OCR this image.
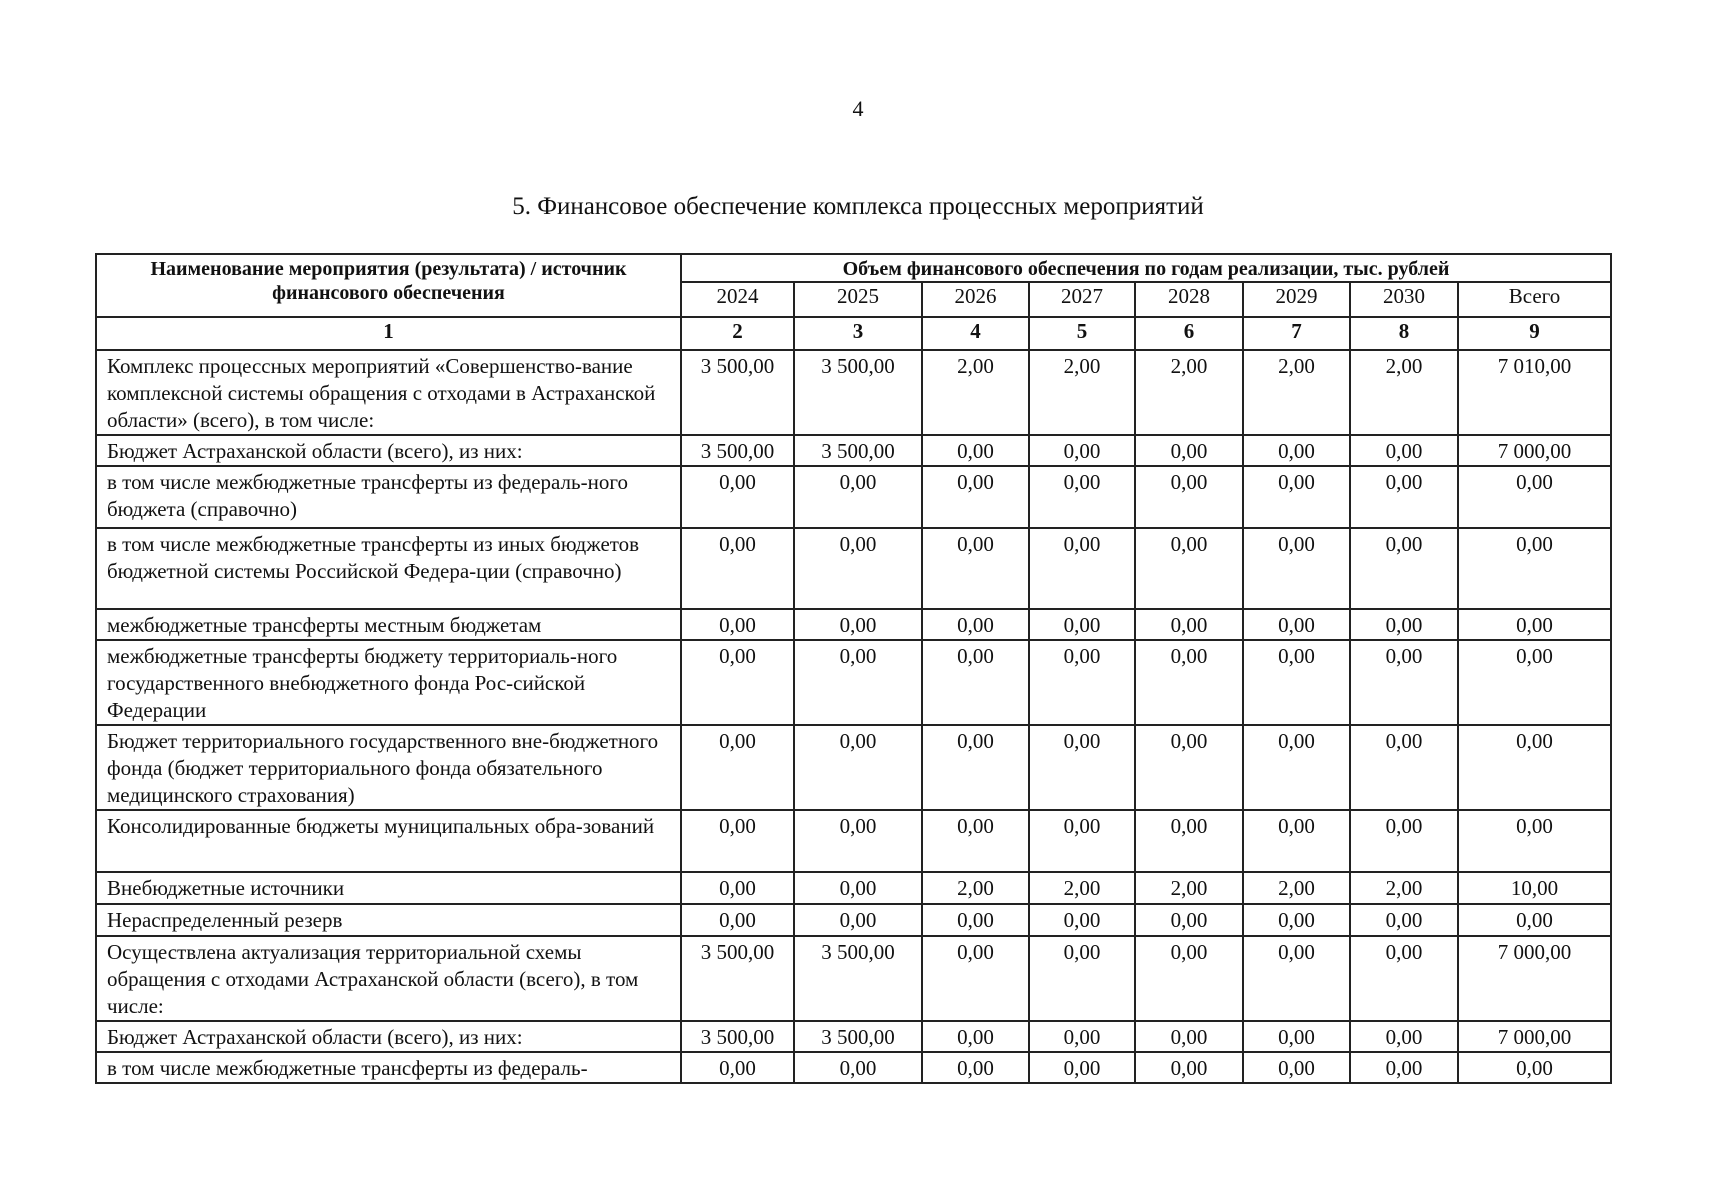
4
5. Финансовое обеспечение комплекса процессных мероприятий
Наименование мероприятия (результата) / источник финансового обеспечения	Объем финансового обеспечения по годам реализации, тыс. рублей							
	2024	2025	2026	2027	2028	2029	2030	Всего
1	2	3	4	5	6	7	8	9
Комплекс процессных мероприятий «Совершенство-вание комплексной системы обращения с отходами в Астраханской области» (всего), в том числе:	3 500,00	3 500,00	2,00	2,00	2,00	2,00	2,00	7 010,00
Бюджет Астраханской области (всего), из них:	3 500,00	3 500,00	0,00	0,00	0,00	0,00	0,00	7 000,00
в том числе межбюджетные трансферты из федераль-ного бюджета (справочно)	0,00	0,00	0,00	0,00	0,00	0,00	0,00	0,00
в том числе межбюджетные трансферты из иных бюджетов бюджетной системы Российской Федера-ции (справочно)	0,00	0,00	0,00	0,00	0,00	0,00	0,00	0,00
межбюджетные трансферты местным бюджетам	0,00	0,00	0,00	0,00	0,00	0,00	0,00	0,00
межбюджетные трансферты бюджету территориаль-ного государственного внебюджетного фонда Рос-сийской Федерации	0,00	0,00	0,00	0,00	0,00	0,00	0,00	0,00
Бюджет территориального государственного вне-бюджетного фонда (бюджет территориального фонда обязательного медицинского страхования)	0,00	0,00	0,00	0,00	0,00	0,00	0,00	0,00
Консолидированные бюджеты муниципальных обра-зований	0,00	0,00	0,00	0,00	0,00	0,00	0,00	0,00
Внебюджетные источники	0,00	0,00	2,00	2,00	2,00	2,00	2,00	10,00
Нераспределенный резерв	0,00	0,00	0,00	0,00	0,00	0,00	0,00	0,00
Осуществлена актуализация территориальной схемы обращения с отходами Астраханской области (всего), в том числе:	3 500,00	3 500,00	0,00	0,00	0,00	0,00	0,00	7 000,00
Бюджет Астраханской области (всего), из них:	3 500,00	3 500,00	0,00	0,00	0,00	0,00	0,00	7 000,00
в том числе межбюджетные трансферты из федераль-	0,00	0,00	0,00	0,00	0,00	0,00	0,00	0,00
